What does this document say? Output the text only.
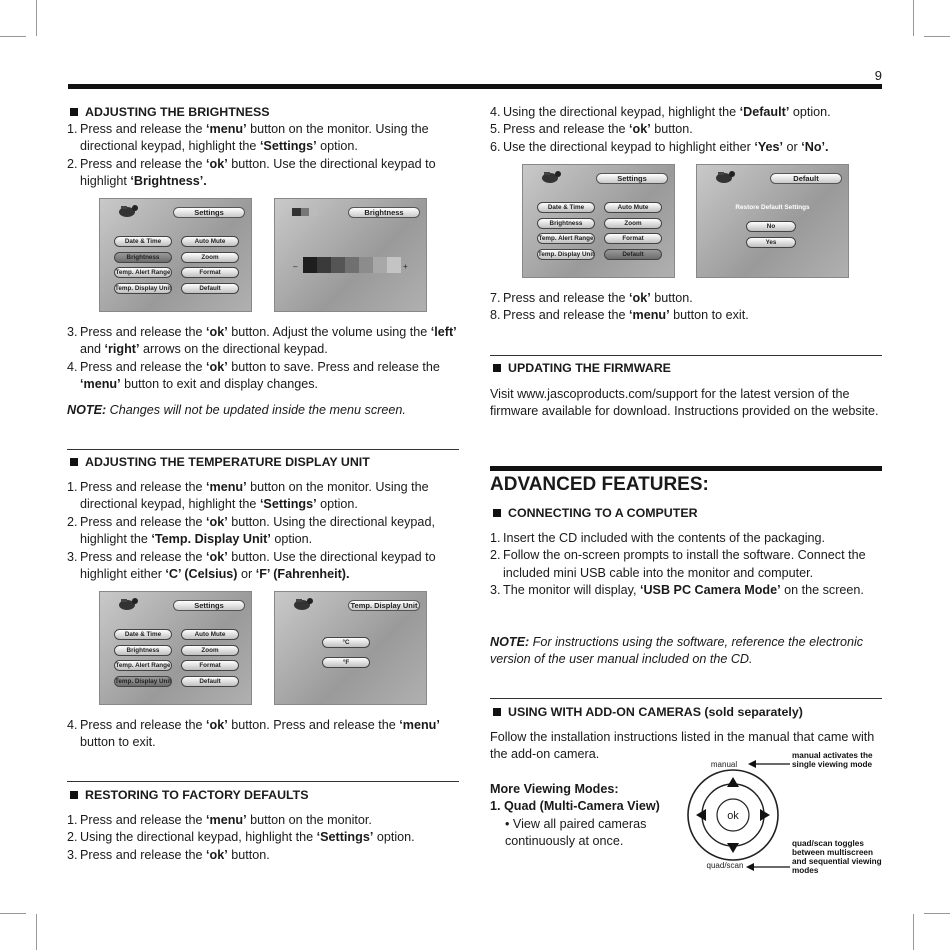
9
ADJUSTING THE BRIGHTNESS
1. Press and release the ‘menu’ button on the monitor. Using the directional keypad, highlight the ‘Settings’ option.
2. Press and release the ‘ok’ button. Use the directional keypad to highlight ‘Brightness’.
Settings
Date & Time	Auto Mute
Brightness	Zoom
Temp. Alert Range	Format
Temp. Display Unit	Default
Brightness
–	+
3. Press and release the ‘ok’ button. Adjust the volume using the ‘left’ and ‘right’ arrows on the directional keypad.
4. Press and release the ‘ok’ button to save. Press and release the ‘menu’ button to exit and display changes.
NOTE: Changes will not be updated inside the menu screen.
ADJUSTING THE TEMPERATURE DISPLAY UNIT
1. Press and release the ‘menu’ button on the monitor. Using the directional keypad, highlight the ‘Settings’ option.
2. Press and release the ‘ok’ button. Using the directional keypad, highlight the ‘Temp. Display Unit’ option.
3. Press and release the ‘ok’ button. Use the directional keypad to highlight either ‘C’ (Celsius) or ‘F’ (Fahrenheit).
Settings
Date & Time	Auto Mute
Brightness	Zoom
Temp. Alert Range	Format
Temp. Display Unit	Default
Temp. Display Unit
°C
°F
4. Press and release the ‘ok’ button. Press and release the ‘menu’ button to exit.
RESTORING TO FACTORY DEFAULTS
1. Press and release the ‘menu’ button on the monitor.
2. Using the directional keypad, highlight the ‘Settings’ option.
3. Press and release the ‘ok’ button.
4. Using the directional keypad, highlight the ‘Default’ option.
5. Press and release the ‘ok’ button.
6. Use the directional keypad to highlight either ‘Yes’ or ‘No’.
Settings
Date & Time	Auto Mute
Brightness	Zoom
Temp. Alert Range	Format
Temp. Display Unit	Default
Default
Restore Default Settings
No
Yes
7. Press and release the ‘ok’ button.
8. Press and release the ‘menu’ button to exit.
UPDATING THE FIRMWARE
Visit www.jascoproducts.com/support for the latest version of the firmware available for download. Instructions provided on the website.
ADVANCED FEATURES:
CONNECTING TO A COMPUTER
1. Insert the CD included with the contents of the packaging.
2. Follow the on-screen prompts to install the software. Connect the included mini USB cable into the monitor and computer.
3. The monitor will display, ‘USB PC Camera Mode’ on the screen.
NOTE: For instructions using the software, reference the electronic version of the user manual included on the CD.
USING WITH ADD-ON CAMERAS (sold separately)
Follow the installation instructions listed in the manual that came with the add-on camera.
More Viewing Modes:
1. Quad (Multi-Camera View)
• View all paired cameras continuously at once.
ok
manual
quad/scan
manual activates the single viewing mode
quad/scan toggles between multiscreen and sequential viewing modes
